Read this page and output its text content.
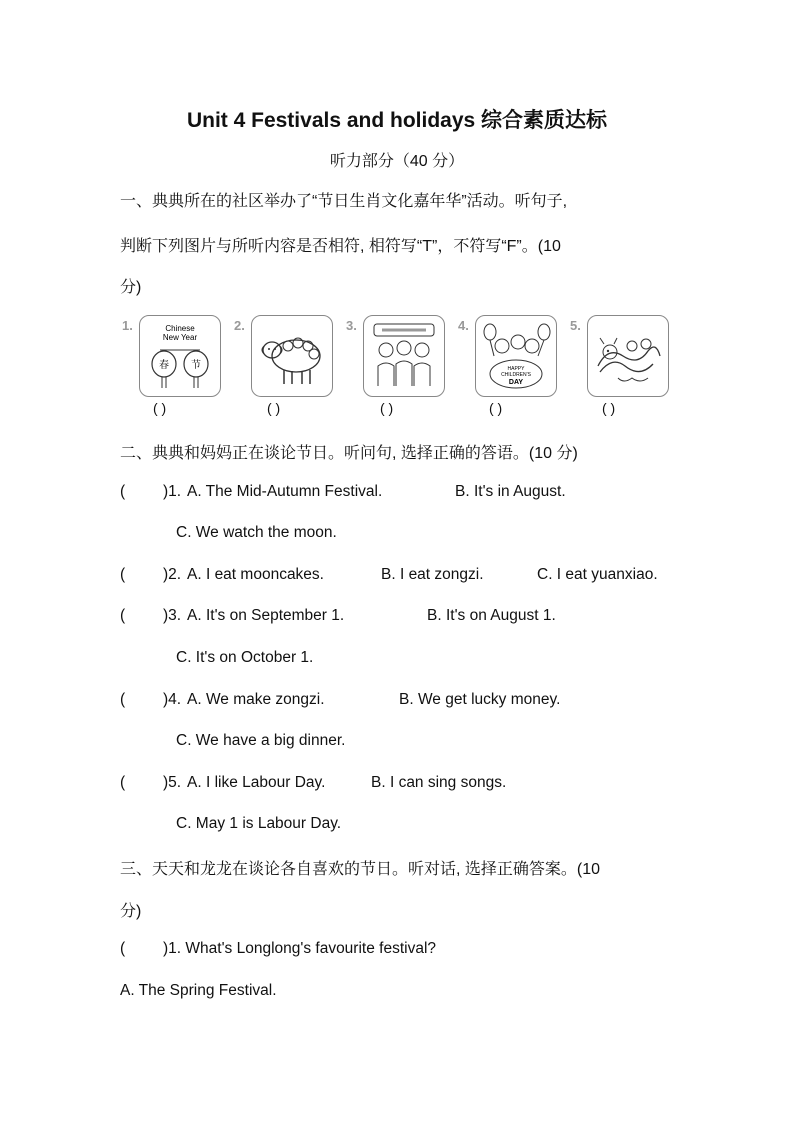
Unit 4 Festivals and holidays 综合素质达标
听力部分（40 分）
一、典典所在的社区举办了“节日生肖文化嘉年华”活动。听句子,
判断下列图片与所听内容是否相符, 相符写“T”，不符写“F”。(10
分)
1.	Chinese
New Year
春 节
2.	3.	4.
HAPPY
CHILDREN'S
DAY
5.
( )	( )	( )	( )	( )
二、典典和妈妈正在谈论节日。听问句, 选择正确的答语。(10 分)
( )1. A. The Mid-Autumn Festival.	B. It's in August.
C. We watch the moon.
( )2. A. I eat mooncakes.	B. I eat zongzi.	C. I eat yuanxiao.
( )3. A. It's on September 1.	B. It's on August 1.
C. It's on October 1.
( )4. A. We make zongzi.	B. We get lucky money.
C. We have a big dinner.
( )5. A. I like Labour Day.	B. I can sing songs.
C. May 1 is Labour Day.
三、天天和龙龙在谈论各自喜欢的节日。听对话, 选择正确答案。(10
分)
( )1. What's Longlong's favourite festival?
A. The Spring Festival.
